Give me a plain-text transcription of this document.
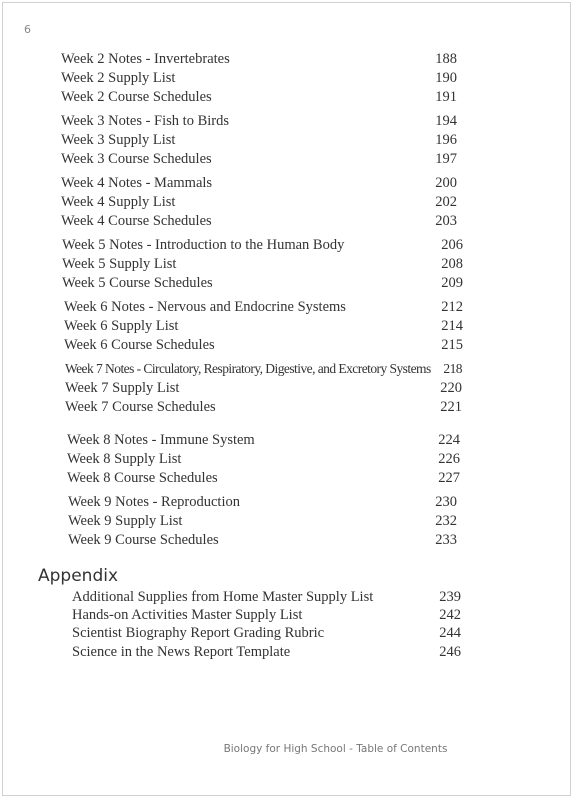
6
Week 2 Notes - Invertebrates	188
Week 2 Supply List	190
Week 2 Course Schedules	191
Week 3 Notes - Fish to Birds	194
Week 3 Supply List	196
Week 3 Course Schedules	197
Week 4 Notes - Mammals	200
Week 4 Supply List	202
Week 4 Course Schedules	203
Week 5 Notes - Introduction to the Human Body	206
Week 5 Supply List	208
Week 5 Course Schedules	209
Week 6 Notes - Nervous and Endocrine Systems	212
Week 6 Supply List	214
Week 6 Course Schedules	215
Week 7 Notes - Circulatory, Respiratory, Digestive, and Excretory Systems 218
Week 7 Supply List	220
Week 7 Course Schedules	221
Week 8 Notes - Immune System	224
Week 8 Supply List	226
Week 8 Course Schedules	227
Week 9 Notes - Reproduction	230
Week 9 Supply List	232
Week 9 Course Schedules	233
Additional Supplies from Home Master Supply List	239
Hands-on Activities Master Supply List	242
Scientist Biography Report Grading Rubric	244
Science in the News Report Template	246
Appendix
Biology for High School - Table of Contents
